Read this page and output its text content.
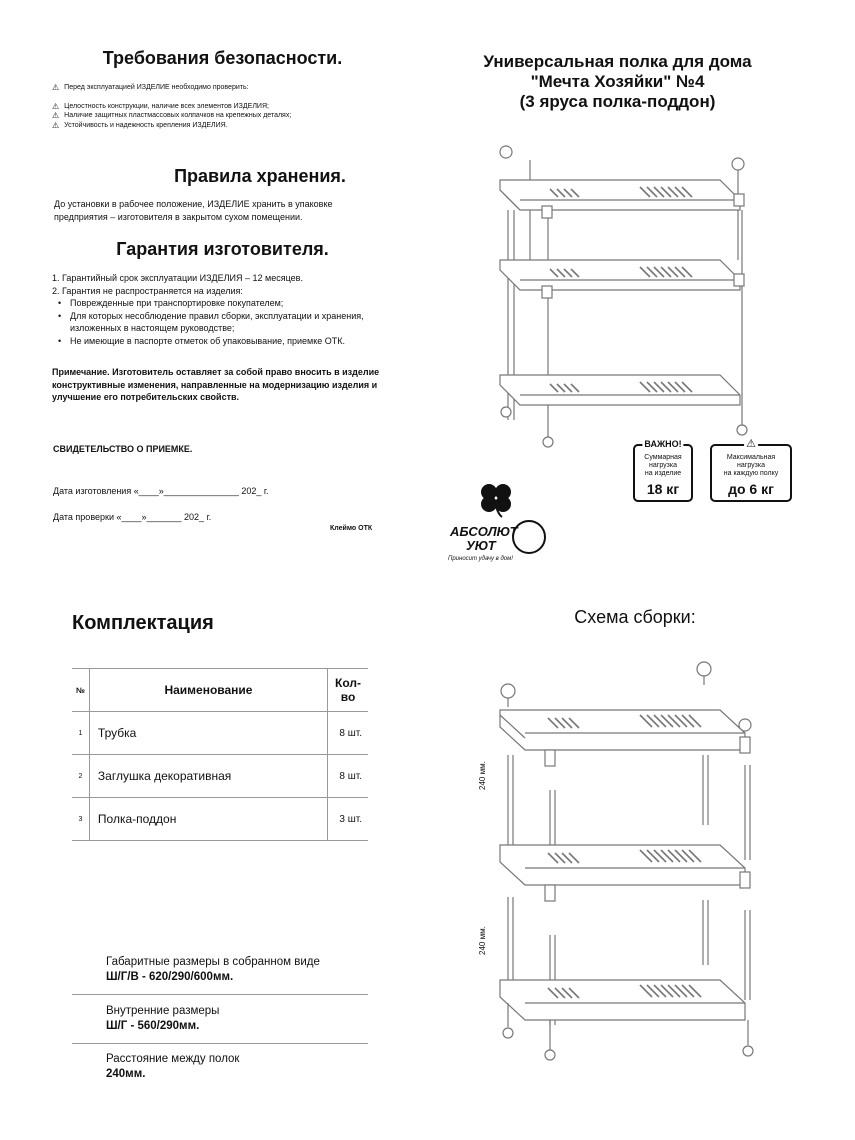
Требования безопасности.
⚠ Перед эксплуатацией ИЗДЕЛИЕ необходимо проверить:
⚠ Целостность конструкции, наличие всех элементов ИЗДЕЛИЯ;
⚠ Наличие защитных пластмассовых колпачков на крепежных деталях;
⚠ Устойчивость и надежность крепления ИЗДЕЛИЯ.
Правила хранения.
До установки в рабочее положение, ИЗДЕЛИЕ хранить в упаковке предприятия – изготовителя в закрытом сухом помещении.
Гарантия изготовителя.
1. Гарантийный срок эксплуатации ИЗДЕЛИЯ – 12 месяцев.
2. Гарантия не распространяется на изделия:
• Поврежденные при транспортировке покупателем;
• Для которых несоблюдение правил сборки, эксплуатации и хранения, изложенных в настоящем руководстве;
• Не имеющие в паспорте отметок об упаковывание, приемке ОТК.
Примечание. Изготовитель оставляет за собой право вносить в изделие конструктивные изменения, направленные на модернизацию изделия и улучшение его потребительских свойств.
СВИДЕТЕЛЬСТВО О ПРИЕМКЕ.
Дата изготовления «____»_______________ 202_ г.
Дата проверки «____»_______ 202_ г.
Клеймо ОТК
Универсальная полка для дома
"Мечта Хозяйки" №4
(3 яруса полка-поддон)
ВАЖНО!
Суммарная
нагрузка
на изделие
18 кг
⚠
Максимальная
нагрузка
на каждую полку
до 6 кг
АБСОЛЮТ
УЮТ
Приносит удачу в дом!
Комплектация
№	Наименование	Кол-во
1	Трубка	8 шт.
2	Заглушка декоративная	8 шт.
3	Полка-поддон	3 шт.
Габаритные размеры в собранном виде
Ш/Г/В - 620/290/600мм.
Внутренние размеры
Ш/Г - 560/290мм.
Расстояние между полок
240мм.
Схема сборки:
240 мм.
240 мм.
